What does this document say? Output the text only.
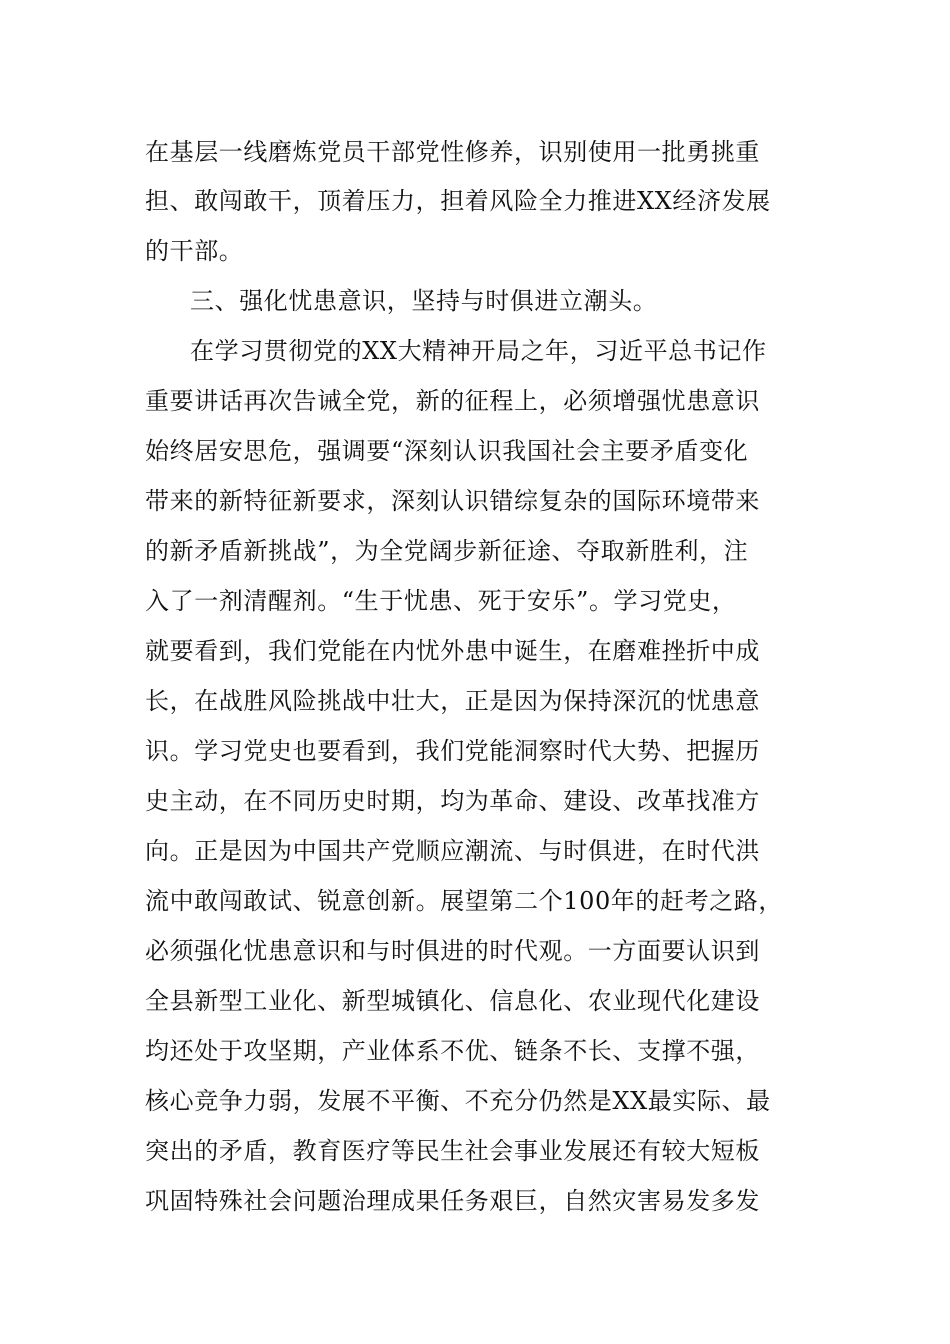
在基层一线磨炼党员干部党性修养，识别使用一批勇挑重
担、敢闯敢干，顶着压力，担着风险全力推进XX经济发展
的干部。
三、强化忧患意识，坚持与时俱进立潮头。
在学习贯彻党的XX大精神开局之年，习近平总书记作
重要讲话再次告诫全党，新的征程上，必须增强忧患意识
始终居安思危，强调要“深刻认识我国社会主要矛盾变化
带来的新特征新要求，深刻认识错综复杂的国际环境带来
的新矛盾新挑战”，为全党阔步新征途、夺取新胜利，注
入了一剂清醒剂。“生于忧患、死于安乐”。学习党史，
就要看到，我们党能在内忧外患中诞生，在磨难挫折中成
长，在战胜风险挑战中壮大，正是因为保持深沉的忧患意
识。学习党史也要看到，我们党能洞察时代大势、把握历
史主动，在不同历史时期，均为革命、建设、改革找准方
向。正是因为中国共产党顺应潮流、与时俱进，在时代洪
流中敢闯敢试、锐意创新。展望第二个100年的赶考之路，
必须强化忧患意识和与时俱进的时代观。一方面要认识到
全县新型工业化、新型城镇化、信息化、农业现代化建设
均还处于攻坚期，产业体系不优、链条不长、支撑不强，
核心竞争力弱，发展不平衡、不充分仍然是XX最实际、最
突出的矛盾，教育医疗等民生社会事业发展还有较大短板
巩固特殊社会问题治理成果任务艰巨，自然灾害易发多发
